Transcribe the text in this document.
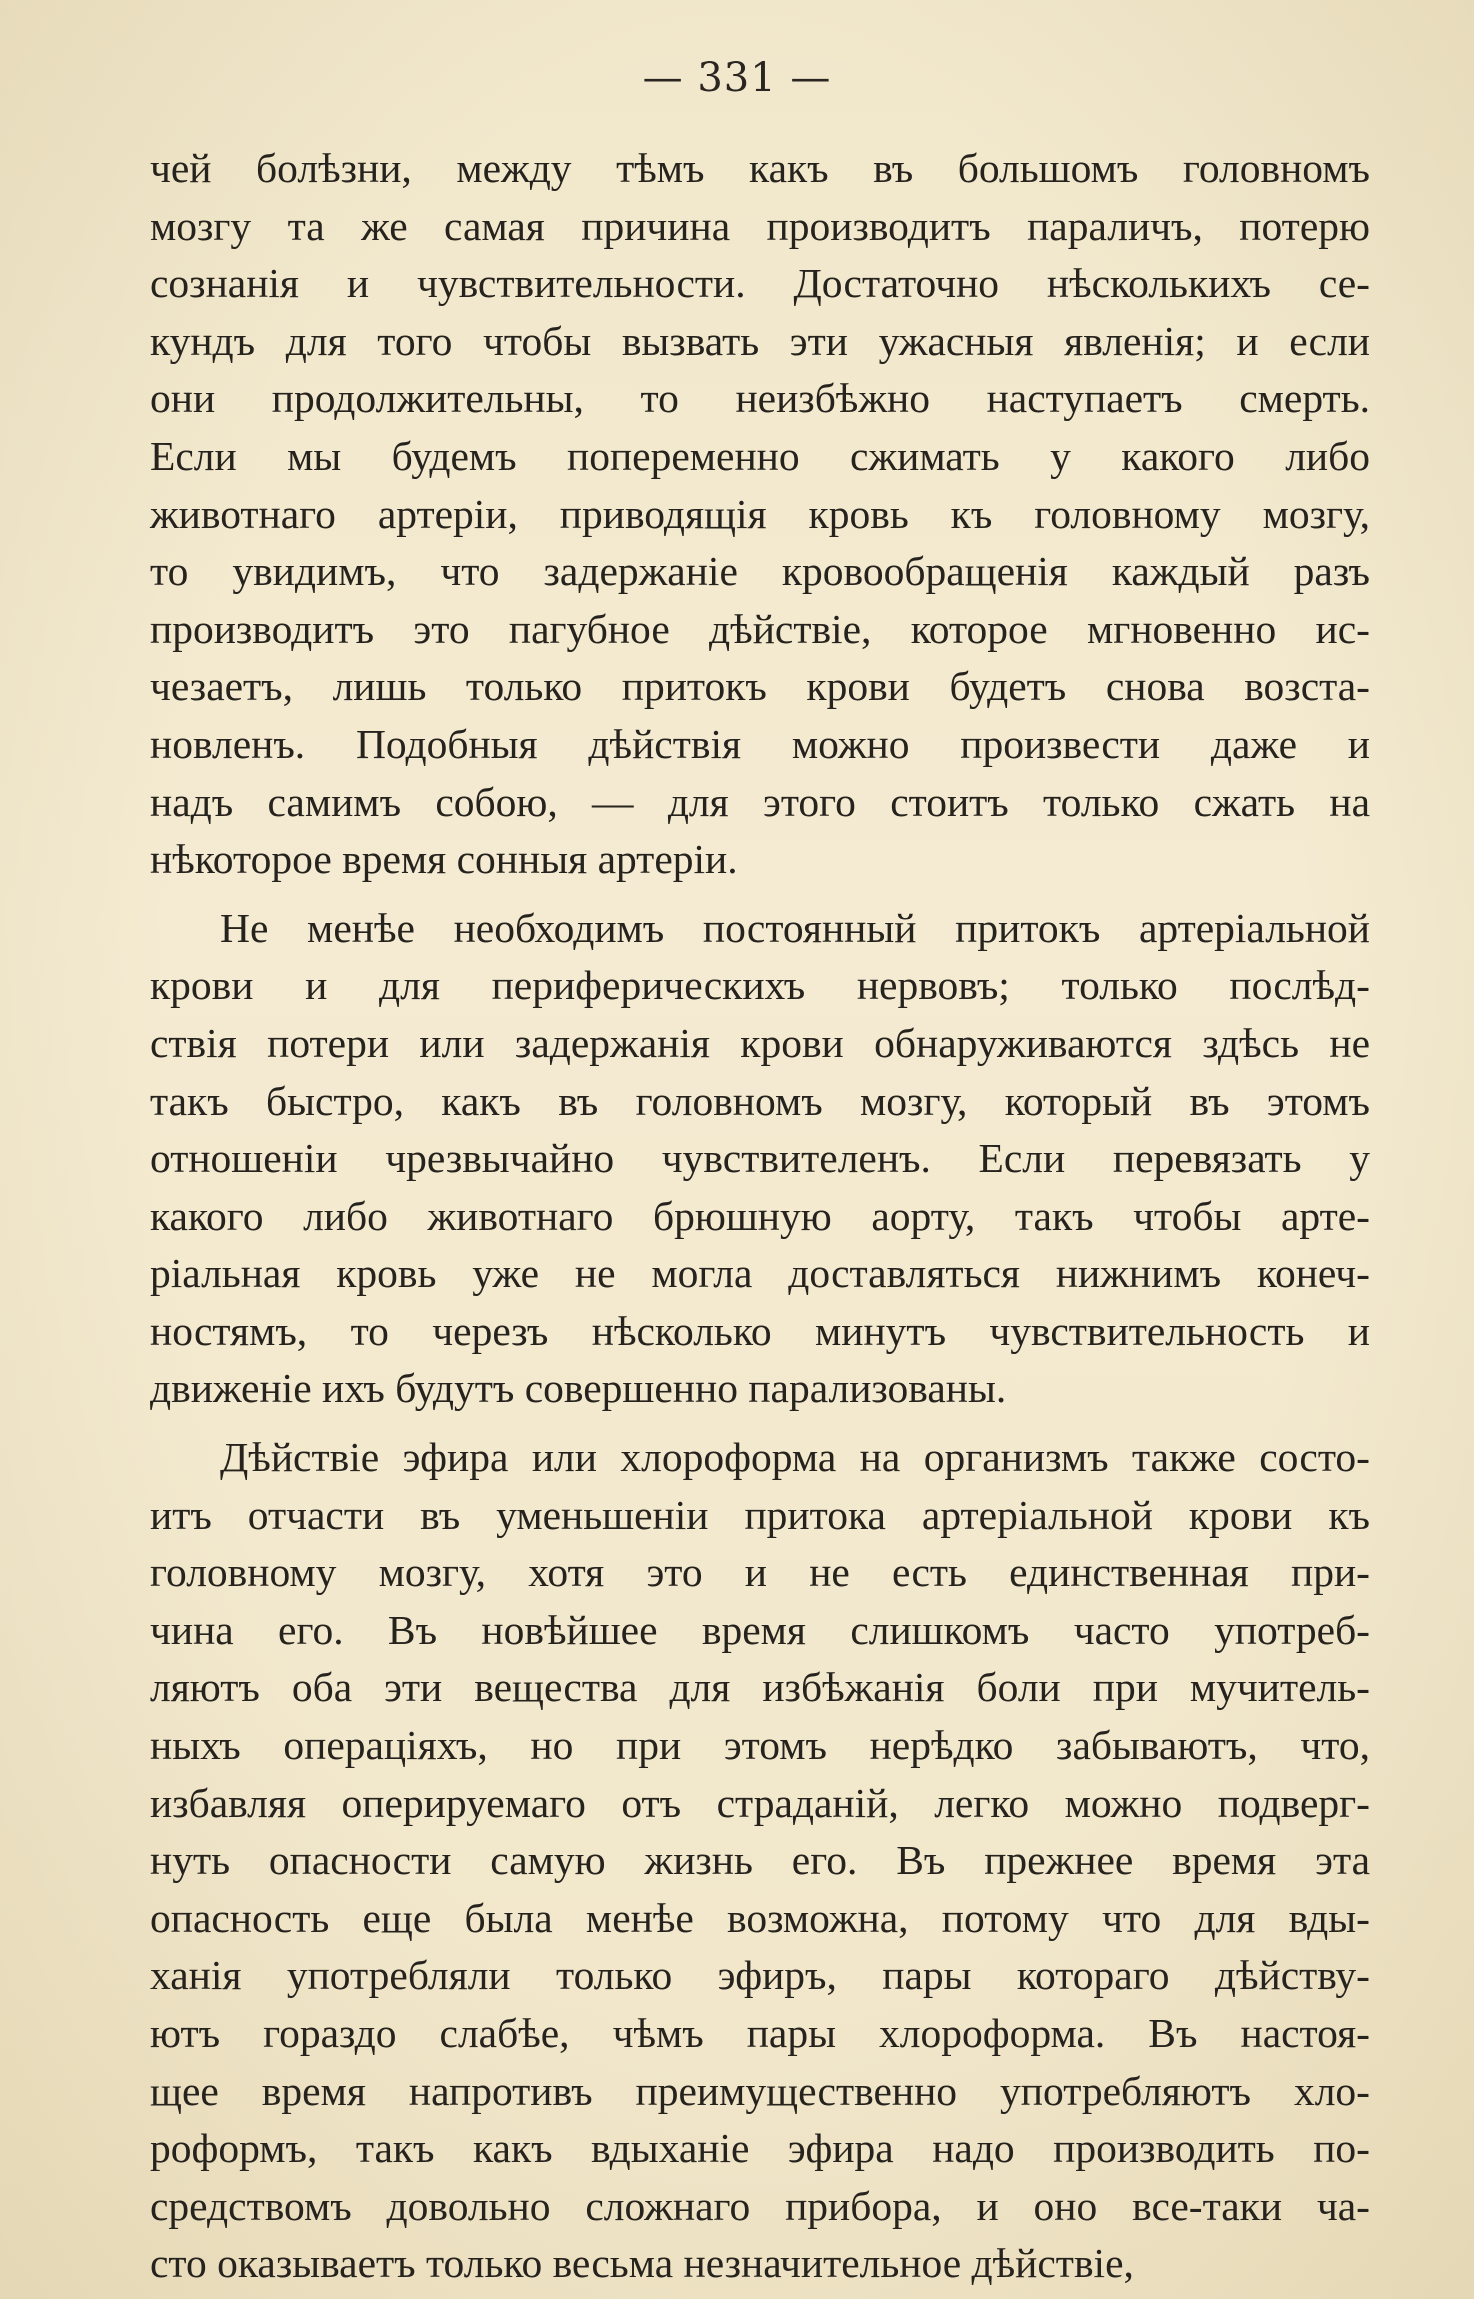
— 331 —
чей болѣзни, между тѣмъ какъ въ большомъ головномъ
мозгу та же самая причина производитъ параличъ, потерю
сознанія и чувствительности. Достаточно нѣсколькихъ се-
кундъ для того чтобы вызвать эти ужасныя явленія; и если
они продолжительны, то неизбѣжно наступаетъ смерть.
Если мы будемъ попеременно сжимать у какого либо
животнаго артеріи, приводящія кровь къ головному мозгу,
то увидимъ, что задержаніе кровообращенія каждый разъ
производитъ это пагубное дѣйствіе, которое мгновенно ис-
чезаетъ, лишь только притокъ крови будетъ снова возста-
новленъ. Подобныя дѣйствія можно произвести даже и
надъ самимъ собою, — для этого стоитъ только сжать на
нѣкоторое время сонныя артеріи.
Не менѣе необходимъ постоянный притокъ артеріальной
крови и для периферическихъ нервовъ; только послѣд-
ствія потери или задержанія крови обнаруживаются здѣсь не
такъ быстро, какъ въ головномъ мозгу, который въ этомъ
отношеніи чрезвычайно чувствителенъ. Если перевязать у
какого либо животнаго брюшную аорту, такъ чтобы арте-
ріальная кровь уже не могла доставляться нижнимъ конеч-
ностямъ, то черезъ нѣсколько минутъ чувствительность и
движеніе ихъ будутъ совершенно парализованы.
Дѣйствіе эфира или хлороформа на организмъ также состо-
итъ отчасти въ уменьшеніи притока артеріальной крови къ
головному мозгу, хотя это и не есть единственная при-
чина его. Въ новѣйшее время слишкомъ часто употреб-
ляютъ оба эти вещества для избѣжанія боли при мучитель-
ныхъ операціяхъ, но при этомъ нерѣдко забываютъ, что,
избавляя оперируемаго отъ страданій, легко можно подверг-
нуть опасности самую жизнь его. Въ прежнее время эта
опасность еще была менѣе возможна, потому что для вды-
ханія употребляли только эфиръ, пары котораго дѣйству-
ютъ гораздо слабѣе, чѣмъ пары хлороформа. Въ настоя-
щее время напротивъ преимущественно употребляютъ хло-
роформъ, такъ какъ вдыханіе эфира надо производить по-
средствомъ довольно сложнаго прибора, и оно все-таки ча-
сто оказываетъ только весьма незначительное дѣйствіе,
